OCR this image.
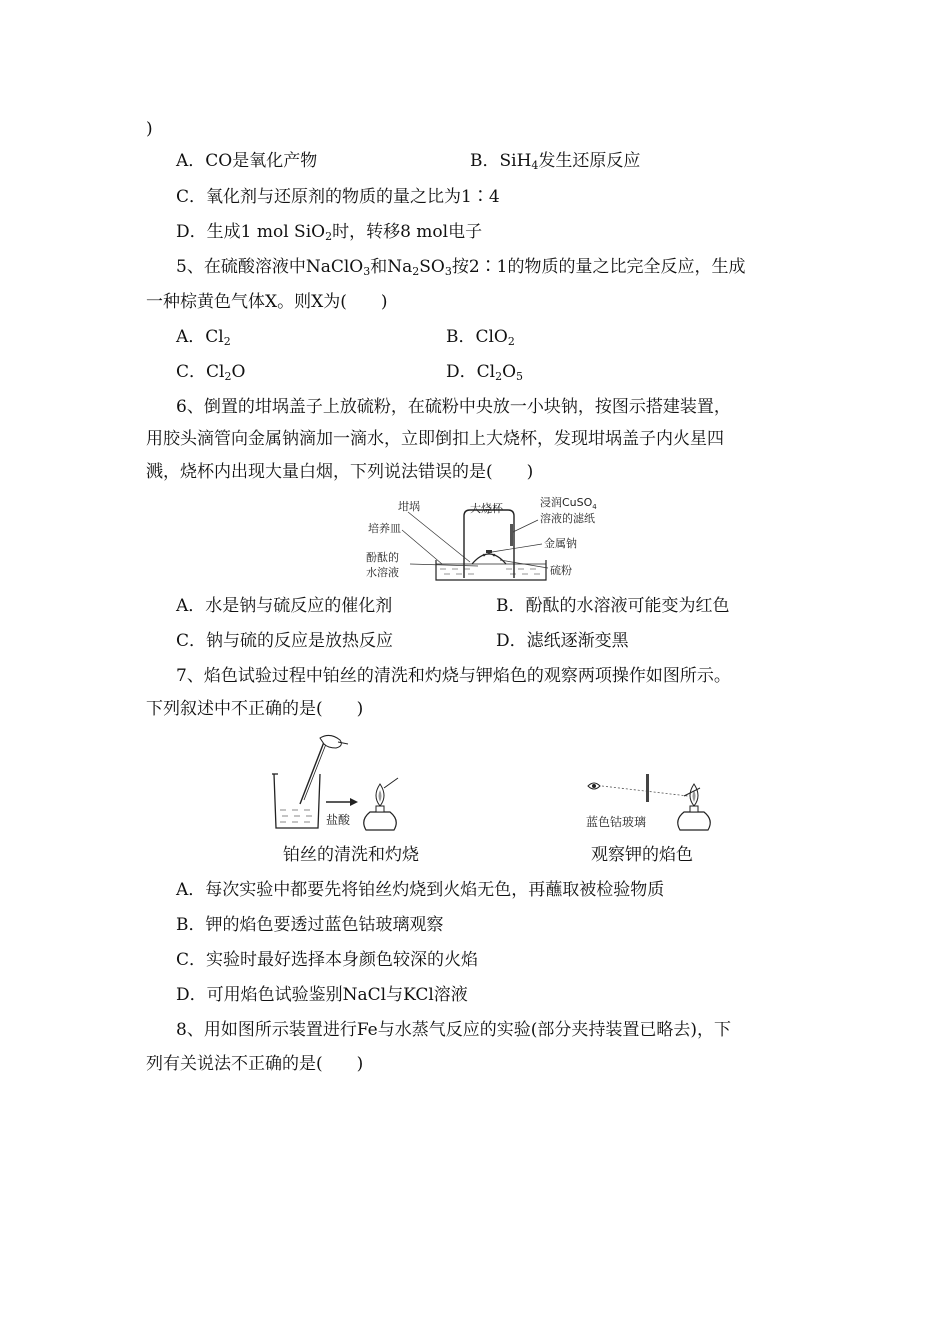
)
A．CO是氧化产物	B．SiH$_4$发生还原反应
C．氧化剂与还原剂的物质的量之比为1∶4
D．生成1 mol SiO$_2$时，转移8 mol电子
5、在硫酸溶液中NaClO$_3$和$Na_2SO_3$按2∶1的物质的量之比完全反应，生成
一种棕黄色气体X。则X为(　　)
A．$Cl_2$	B．ClO$_2$
C．$Cl_2O$	D．$Cl_2O_5$
6、倒置的坩埚盖子上放硫粉，在硫粉中央放一小块钠，按图示搭建装置，
用胶头滴管向金属钠滴加一滴水，立即倒扣上大烧杯，发现坩埚盖子内火星四
溅，烧杯内出现大量白烟，下列说法错误的是(　　)
坩埚	大烧杯	浸润CuSO$_4$
溶液的滤纸
培养皿
金属钠
酚酞的
水溶液	硫粉
A．水是钠与硫反应的催化剂	B．酚酞的水溶液可能变为红色
C．钠与硫的反应是放热反应	D．滤纸逐渐变黑
7、焰色试验过程中铂丝的清洗和灼烧与钾焰色的观察两项操作如图所示。
下列叙述中不正确的是(　　)
盐酸	蓝色钴玻璃
铂丝的清洗和灼烧	观察钾的焰色
A．每次实验中都要先将铂丝灼烧到火焰无色，再蘸取被检验物质
B．钾的焰色要透过蓝色钴玻璃观察
C．实验时最好选择本身颜色较深的火焰
D．可用焰色试验鉴别NaCl与KCl溶液
8、用如图所示装置进行Fe与水蒸气反应的实验(部分夹持装置已略去)，下
列有关说法不正确的是(　　)
